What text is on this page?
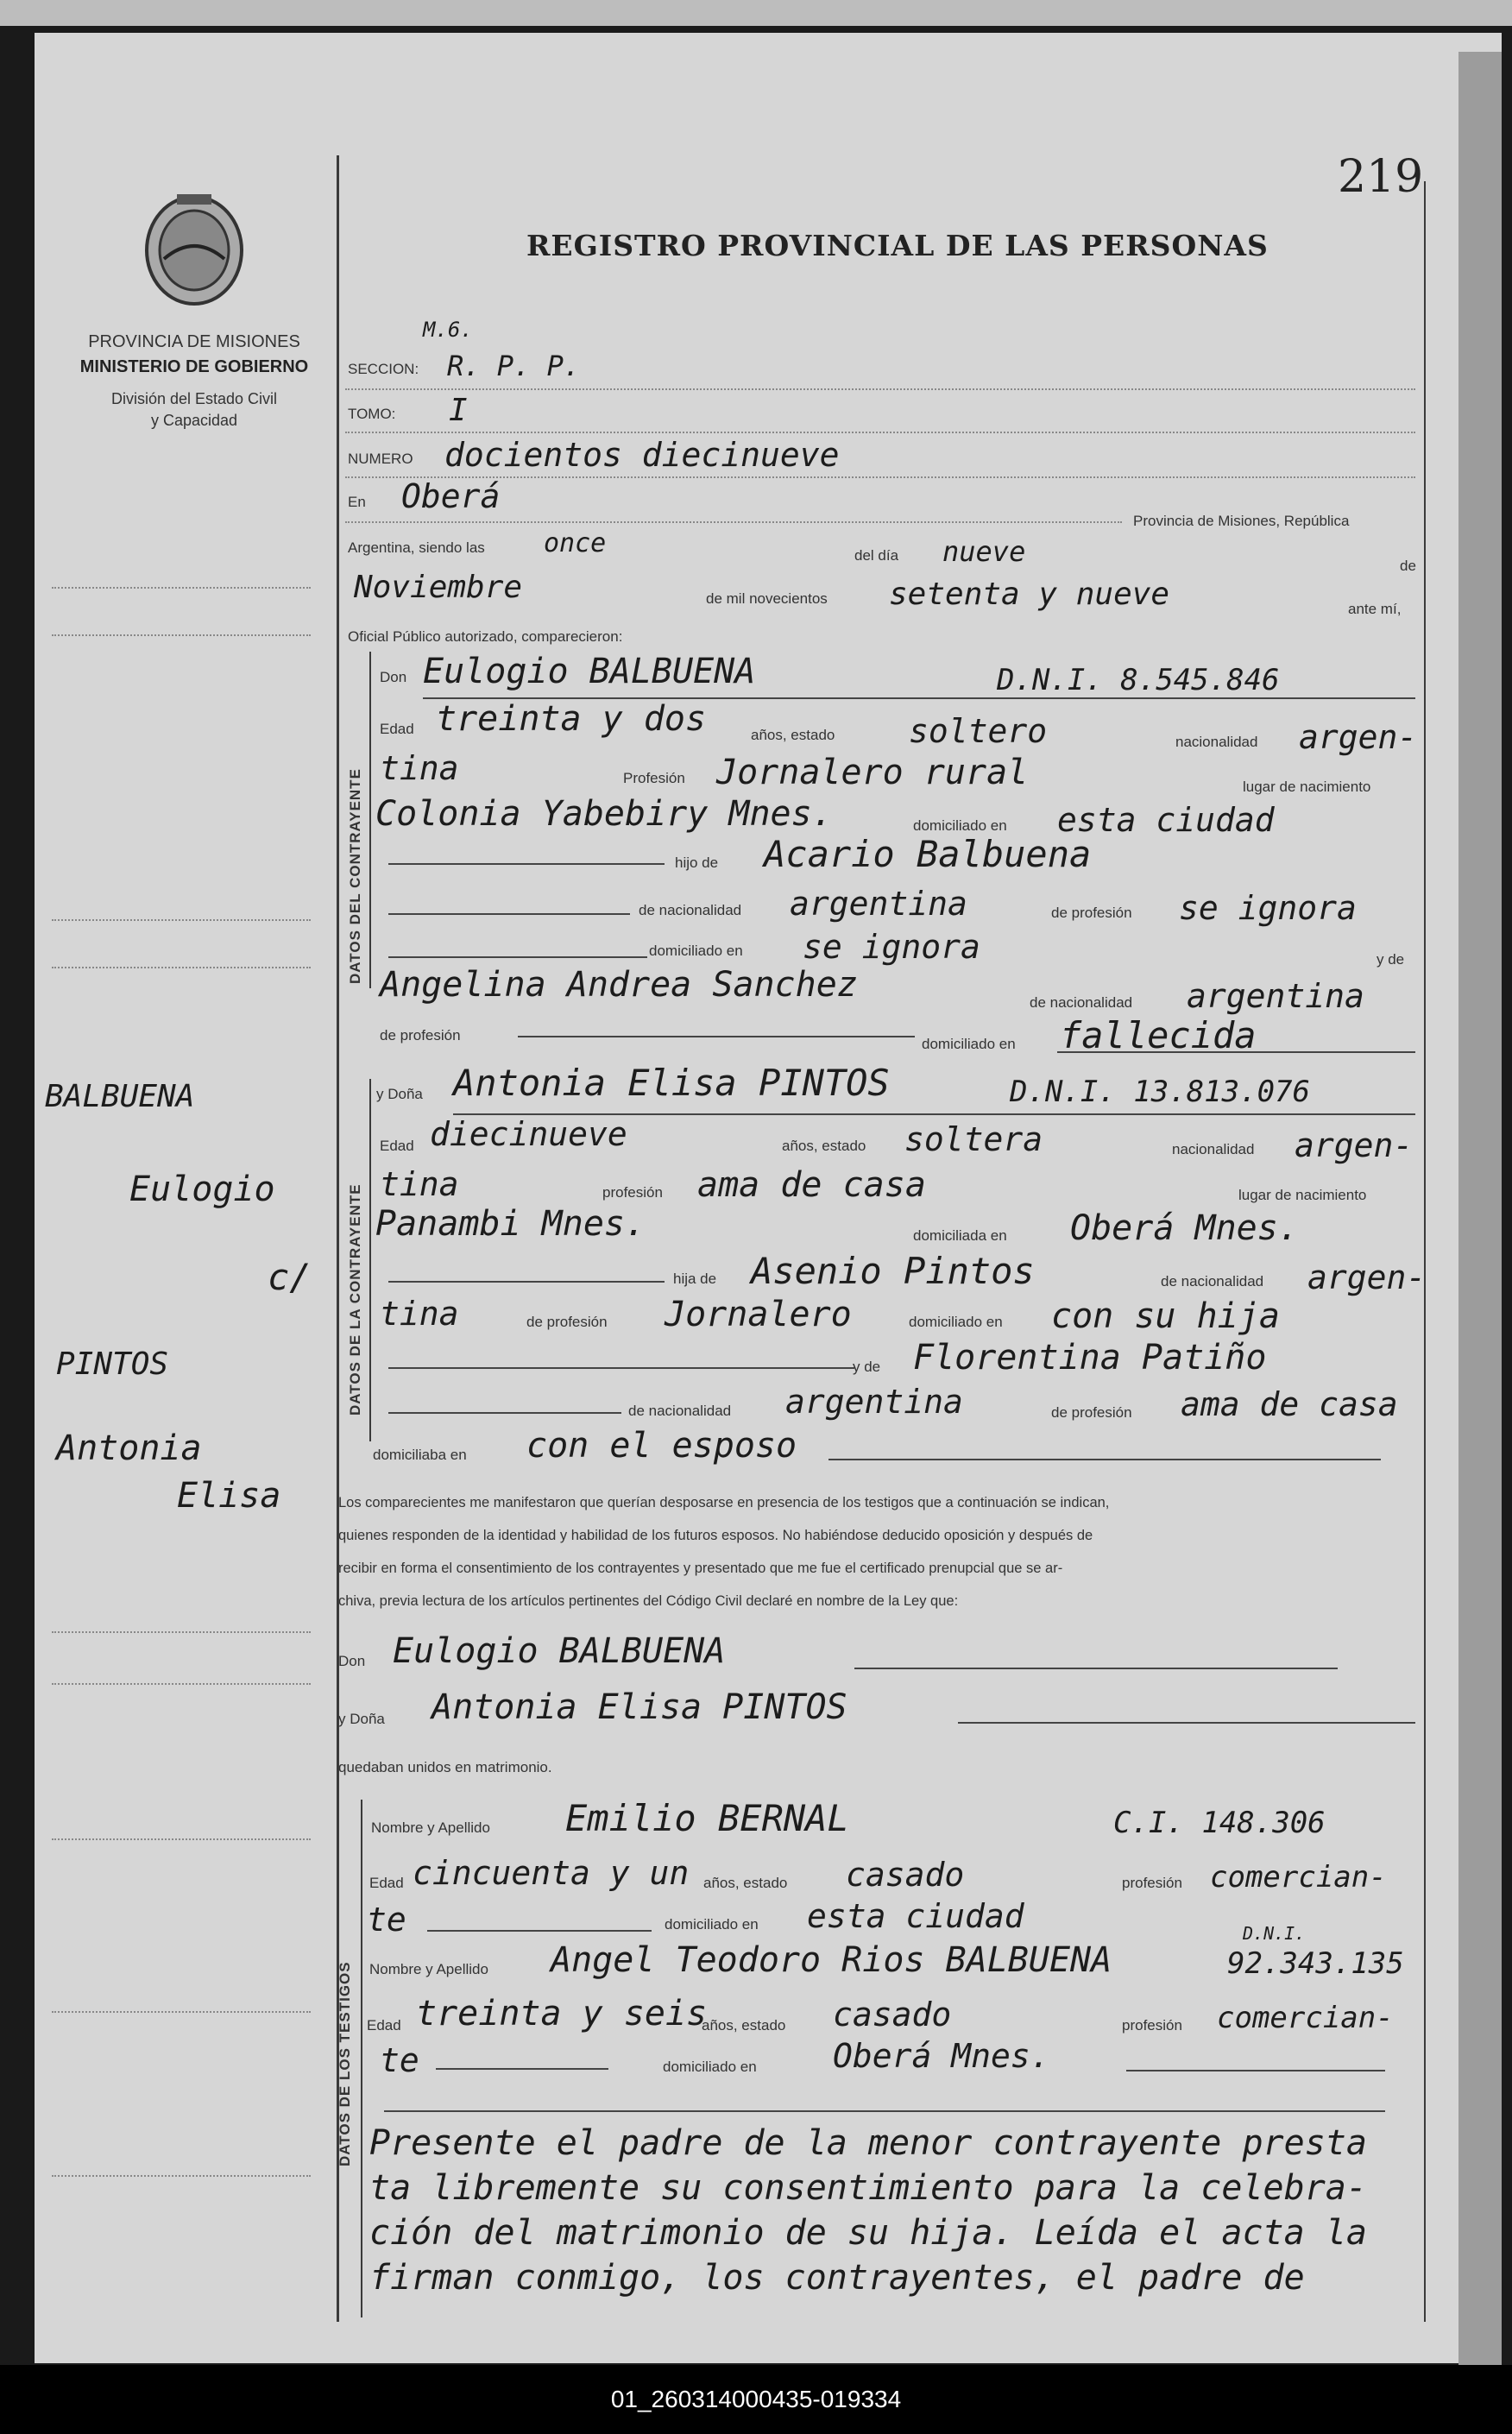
219
PROVINCIA DE MISIONES
MINISTERIO DE GOBIERNO
División del Estado Civil
y Capacidad
REGISTRO PROVINCIAL DE LAS PERSONAS
M.6.
SECCION: R. P. P.
TOMO: I
NUMERO docientos diecinueve
En Oberá
Provincia de Misiones, República
Argentina, siendo las once	del día nueve	de
Noviembre	de mil novecientos setenta y nueve	ante mí,
Oficial Público autorizado, comparecieron:
DATOS DEL CONTRAYENTE
Don Eulogio BALBUENA	D.N.I. 8.545.846
Edad treinta y dos	años, estado soltero	nacionalidad argen-
tina	Profesión Jornalero rural	lugar de nacimiento
Colonia Yabebiry Mnes.	domiciliado en esta ciudad
hijo de Acario Balbuena
de nacionalidad argentina	de profesión se ignora
domiciliado en se ignora	y de
Angelina Andrea Sanchez	de nacionalidad argentina
de profesión
domiciliado en fallecida
DATOS DE LA CONTRAYENTE
y Doña Antonia Elisa PINTOS	D.N.I. 13.813.076
Edad diecinueve	años, estado soltera	nacionalidad argen-
tina	profesión ama de casa	lugar de nacimiento
Panambi Mnes.	domiciliada en Oberá Mnes.
hija de Asenio Pintos	de nacionalidad argen-
tina	de profesión Jornalero	domiciliado en con su hija
y de Florentina Patiño
de nacionalidad argentina	de profesión ama de casa
domiciliaba en con el esposo
Los comparecientes me manifestaron que querían desposarse en presencia de los testigos que a continuación se indican,
quienes responden de la identidad y habilidad de los futuros esposos. No habiéndose deducido oposición y después de
recibir en forma el consentimiento de los contrayentes y presentado que me fue el certificado prenupcial que se ar-
chiva, previa lectura de los artículos pertinentes del Código Civil declaré en nombre de la Ley que:
Don Eulogio BALBUENA
y Doña Antonia Elisa PINTOS
quedaban unidos en matrimonio.
DATOS DE LOS TESTIGOS
Nombre y Apellido Emilio BERNAL	C.I. 148.306
Edad cincuenta y un años, estado casado	profesión comercian-
te	domiciliado en esta ciudad
Nombre y Apellido Angel Teodoro Rios BALBUENA
D.N.I.
92.343.135
Edad treinta y seis
años, estado casado	profesión comercian-
te	domiciliado en Oberá Mnes.
Presente el padre de la menor contrayente presta
ta libremente su consentimiento para la celebra-
ción del matrimonio de su hija. Leída el acta la
firman conmigo, los contrayentes, el padre de
BALBUENA
Eulogio
c/
PINTOS
Antonia
Elisa
01_260314000435-019334
